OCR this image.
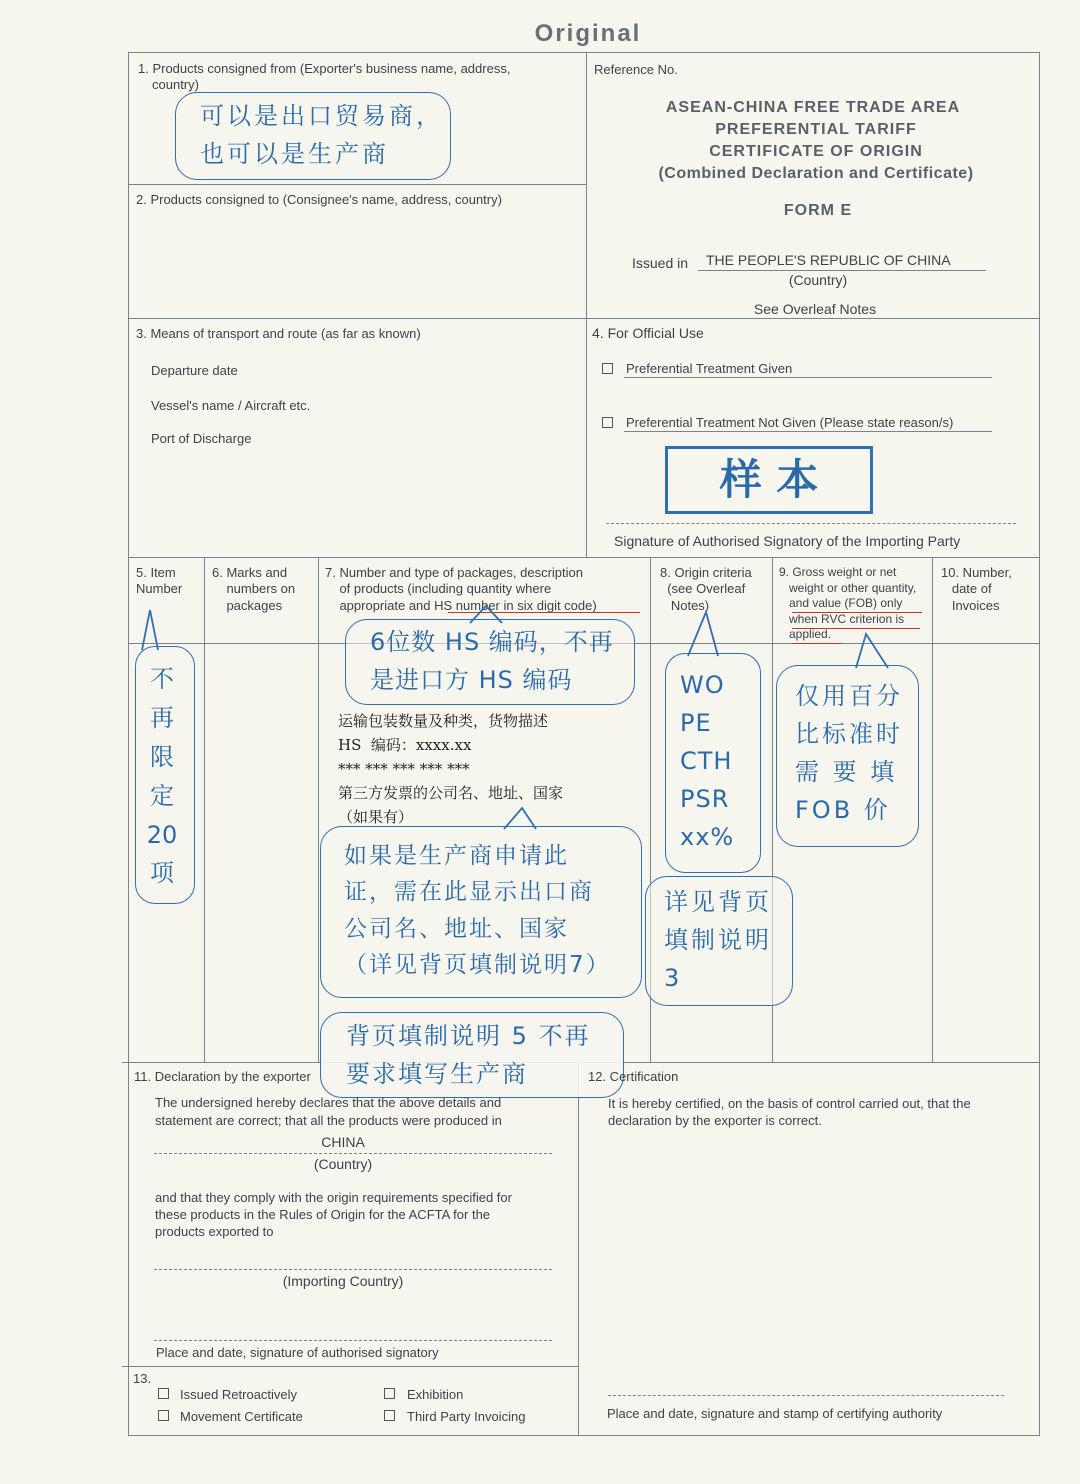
Original
1. Products consigned from (Exporter's business name, address,
country)
可以是出口贸易商，
也可以是生产商
2. Products consigned to (Consignee's name, address, country)
Reference No.
ASEAN-CHINA FREE TRADE AREA
PREFERENTIAL TARIFF
CERTIFICATE OF ORIGIN
(Combined Declaration and Certificate)
FORM E
Issued in THE PEOPLE'S REPUBLIC OF CHINA
(Country)
See Overleaf Notes
3. Means of transport and route (as far as known)
Departure date
Vessel's name / Aircraft etc.
Port of Discharge
4. For Official Use
Preferential Treatment Given
Preferential Treatment Not Given (Please state reason/s)
样 本
Signature of Authorised Signatory of the Importing Party
5. Item
Number
6. Marks and
numbers on
packages
7. Number and type of packages, description
of products (including quantity where
appropriate and HS number in six digit code)
8. Origin criteria
(see Overleaf
Notes)
9. Gross weight or net
weight or other quantity,
and value (FOB) only
when RVC criterion is
applied.
10. Number,
date of
Invoices
不
再
限
定
20
项
6位数 HS 编码，不再
是进口方 HS 编码
运输包装数量及种类，货物描述
HS  编码：xxxx.xx
*** *** *** *** ***
第三方发票的公司名、地址、国家
（如果有）
如果是生产商申请此
证，需在此显示出口商
公司名、地址、国家
（详见背页填制说明7）
WO
PE
CTH
PSR
xx%
详见背页
填制说明
3
仅用百分
比标准时
需 要 填
FOB 价
背页填制说明 5 不再
要求填写生产商
11. Declaration by the exporter
The undersigned hereby declares that the above details and
statement are correct; that all the products were produced in
CHINA
(Country)
and that they comply with the origin requirements specified for
these products in the Rules of Origin for the ACFTA for the
products exported to
(Importing Country)
Place and date, signature of authorised signatory
12. Certification
It is hereby certified, on the basis of control carried out, that the
declaration by the exporter is correct.
Place and date, signature and stamp of certifying authority
13.
Issued Retroactively
Movement Certificate
Exhibition
Third Party Invoicing
